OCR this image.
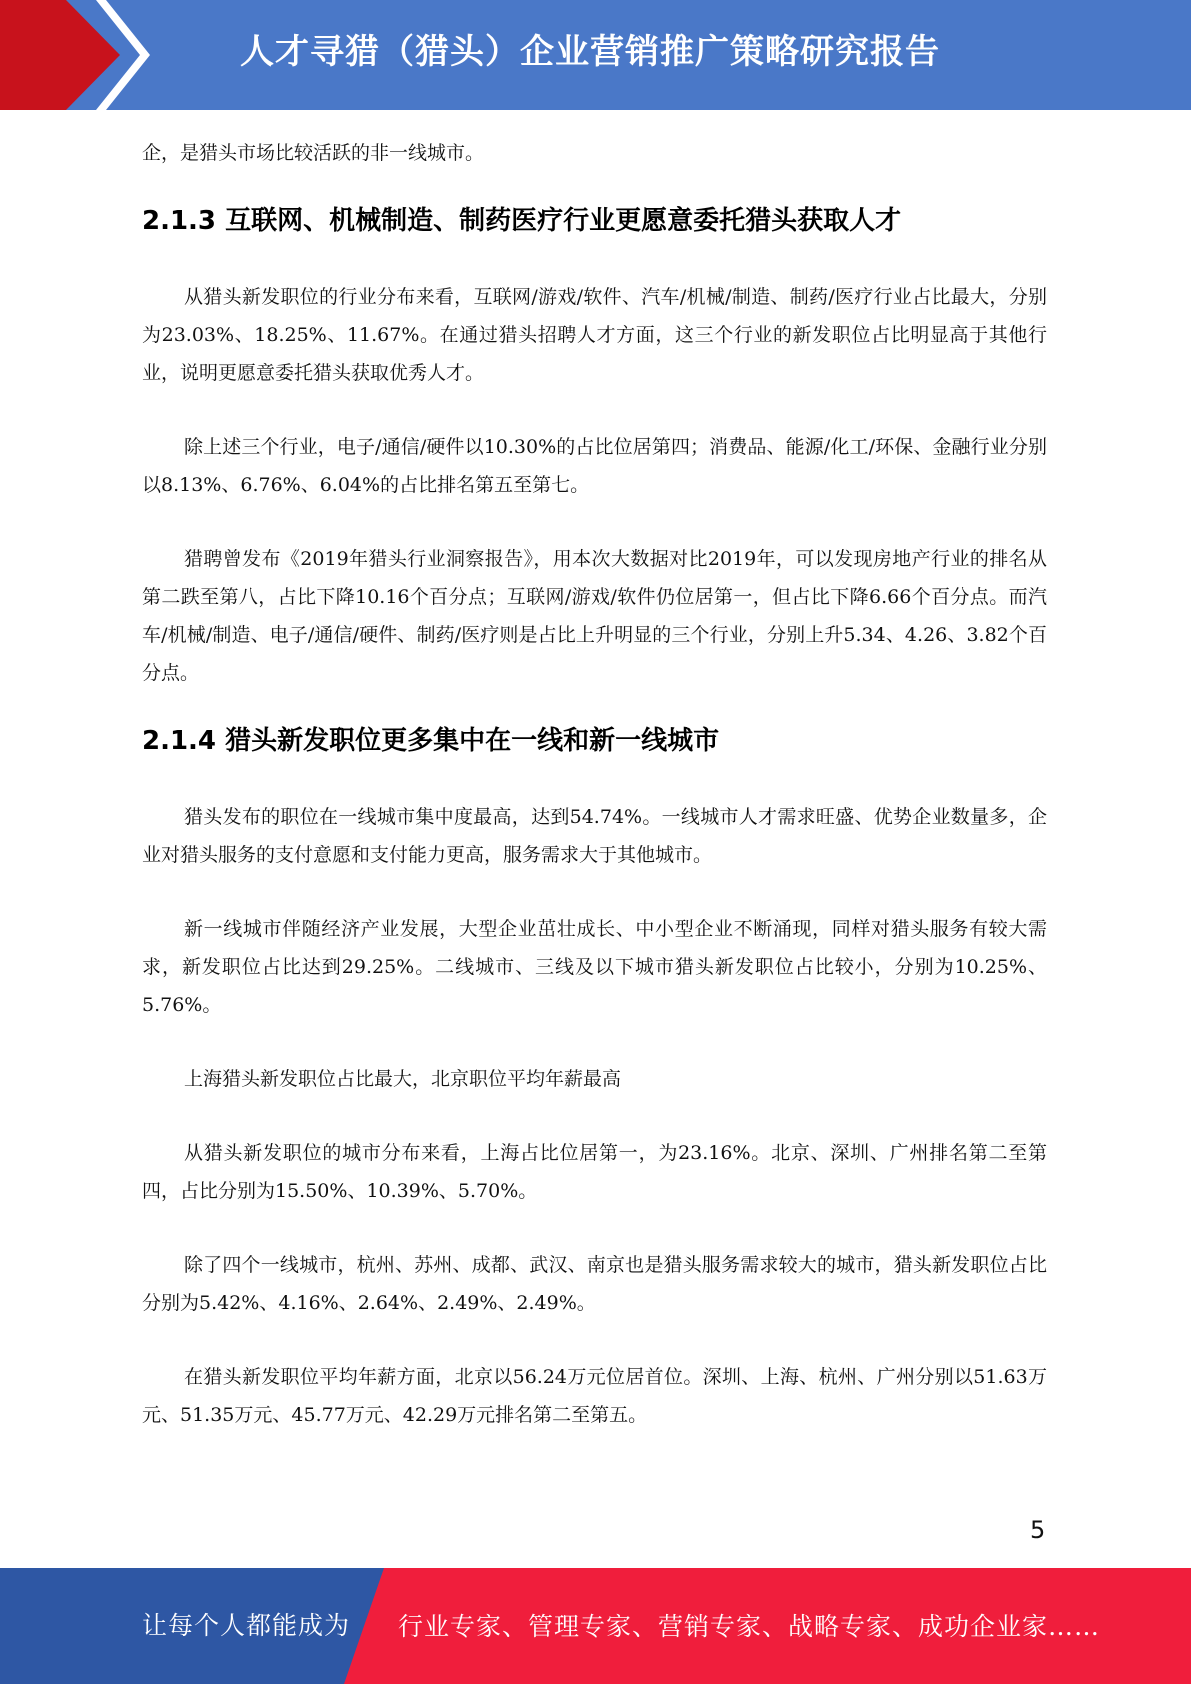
人才寻猎（猎头）企业营销推广策略研究报告

企，是猎头市场比较活跃的非一线城市。

2.1.3 互联网、机械制造、制药医疗行业更愿意委托猎头获取人才

从猎头新发职位的行业分布来看，互联网/游戏/软件、汽车/机械/制造、制药/医疗行业占比最大，分别为23.03%、18.25%、11.67%。在通过猎头招聘人才方面，这三个行业的新发职位占比明显高于其他行业，说明更愿意委托猎头获取优秀人才。

除上述三个行业，电子/通信/硬件以10.30%的占比位居第四；消费品、能源/化工/环保、金融行业分别以8.13%、6.76%、6.04%的占比排名第五至第七。

猎聘曾发布《2019年猎头行业洞察报告》，用本次大数据对比2019年，可以发现房地产行业的排名从第二跌至第八，占比下降10.16个百分点；互联网/游戏/软件仍位居第一，但占比下降6.66个百分点。而汽车/机械/制造、电子/通信/硬件、制药/医疗则是占比上升明显的三个行业，分别上升5.34、4.26、3.82个百分点。

2.1.4 猎头新发职位更多集中在一线和新一线城市

猎头发布的职位在一线城市集中度最高，达到54.74%。一线城市人才需求旺盛、优势企业数量多，企业对猎头服务的支付意愿和支付能力更高，服务需求大于其他城市。

新一线城市伴随经济产业发展，大型企业茁壮成长、中小型企业不断涌现，同样对猎头服务有较大需求，新发职位占比达到29.25%。二线城市、三线及以下城市猎头新发职位占比较小，分别为10.25%、5.76%。

上海猎头新发职位占比最大，北京职位平均年薪最高

从猎头新发职位的城市分布来看，上海占比位居第一，为23.16%。北京、深圳、广州排名第二至第四，占比分别为15.50%、10.39%、5.70%。

除了四个一线城市，杭州、苏州、成都、武汉、南京也是猎头服务需求较大的城市，猎头新发职位占比分别为5.42%、4.16%、2.64%、2.49%、2.49%。

在猎头新发职位平均年薪方面，北京以56.24万元位居首位。深圳、上海、杭州、广州分别以51.63万元、51.35万元、45.77万元、42.29万元排名第二至第五。

5
让每个人都能成为 行业专家、管理专家、营销专家、战略专家、成功企业家……
